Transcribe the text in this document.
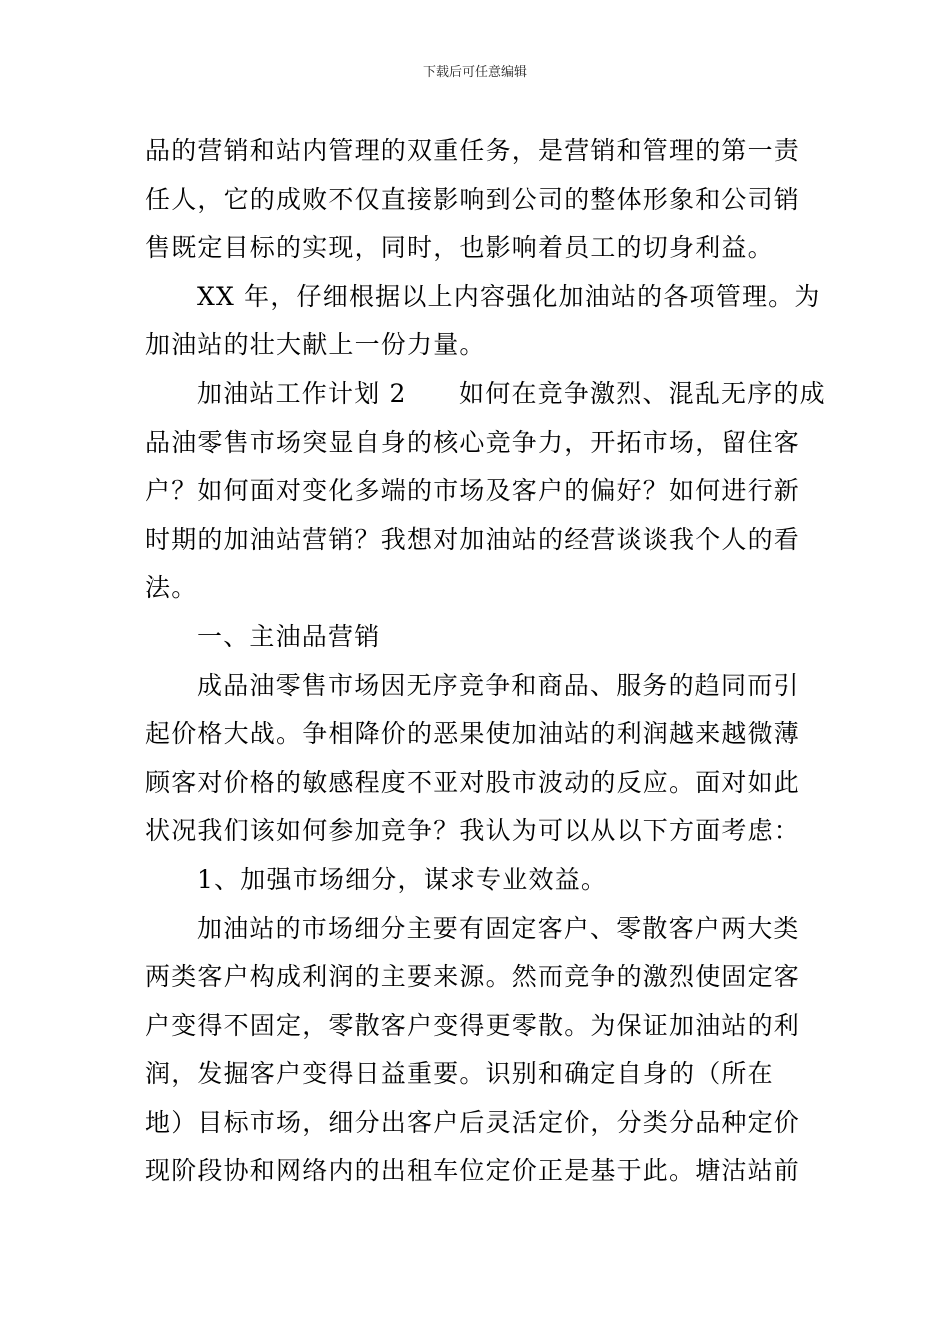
下载后可任意编辑
品的营销和站内管理的双重任务，是营销和管理的第一责
任人，它的成败不仅直接影响到公司的整体形象和公司销
售既定目标的实现，同时，也影响着员工的切身利益。
XX 年，仔细根据以上内容强化加油站的各项管理。为
加油站的壮大献上一份力量。
加油站工作计划 2　　如何在竞争激烈、混乱无序的成
品油零售市场突显自身的核心竞争力，开拓市场，留住客
户？如何面对变化多端的市场及客户的偏好？如何进行新
时期的加油站营销？我想对加油站的经营谈谈我个人的看
法。
一、主油品营销
成品油零售市场因无序竞争和商品、服务的趋同而引
起价格大战。争相降价的恶果使加油站的利润越来越微薄
顾客对价格的敏感程度不亚对股市波动的反应。面对如此
状况我们该如何参加竞争？我认为可以从以下方面考虑：
1、加强市场细分，谋求专业效益。
加油站的市场细分主要有固定客户、零散客户两大类
两类客户构成利润的主要来源。然而竞争的激烈使固定客
户变得不固定，零散客户变得更零散。为保证加油站的利
润，发掘客户变得日益重要。识别和确定自身的（所在
地）目标市场，细分出客户后灵活定价，分类分品种定价
现阶段协和网络内的出租车位定价正是基于此。塘沽站前
